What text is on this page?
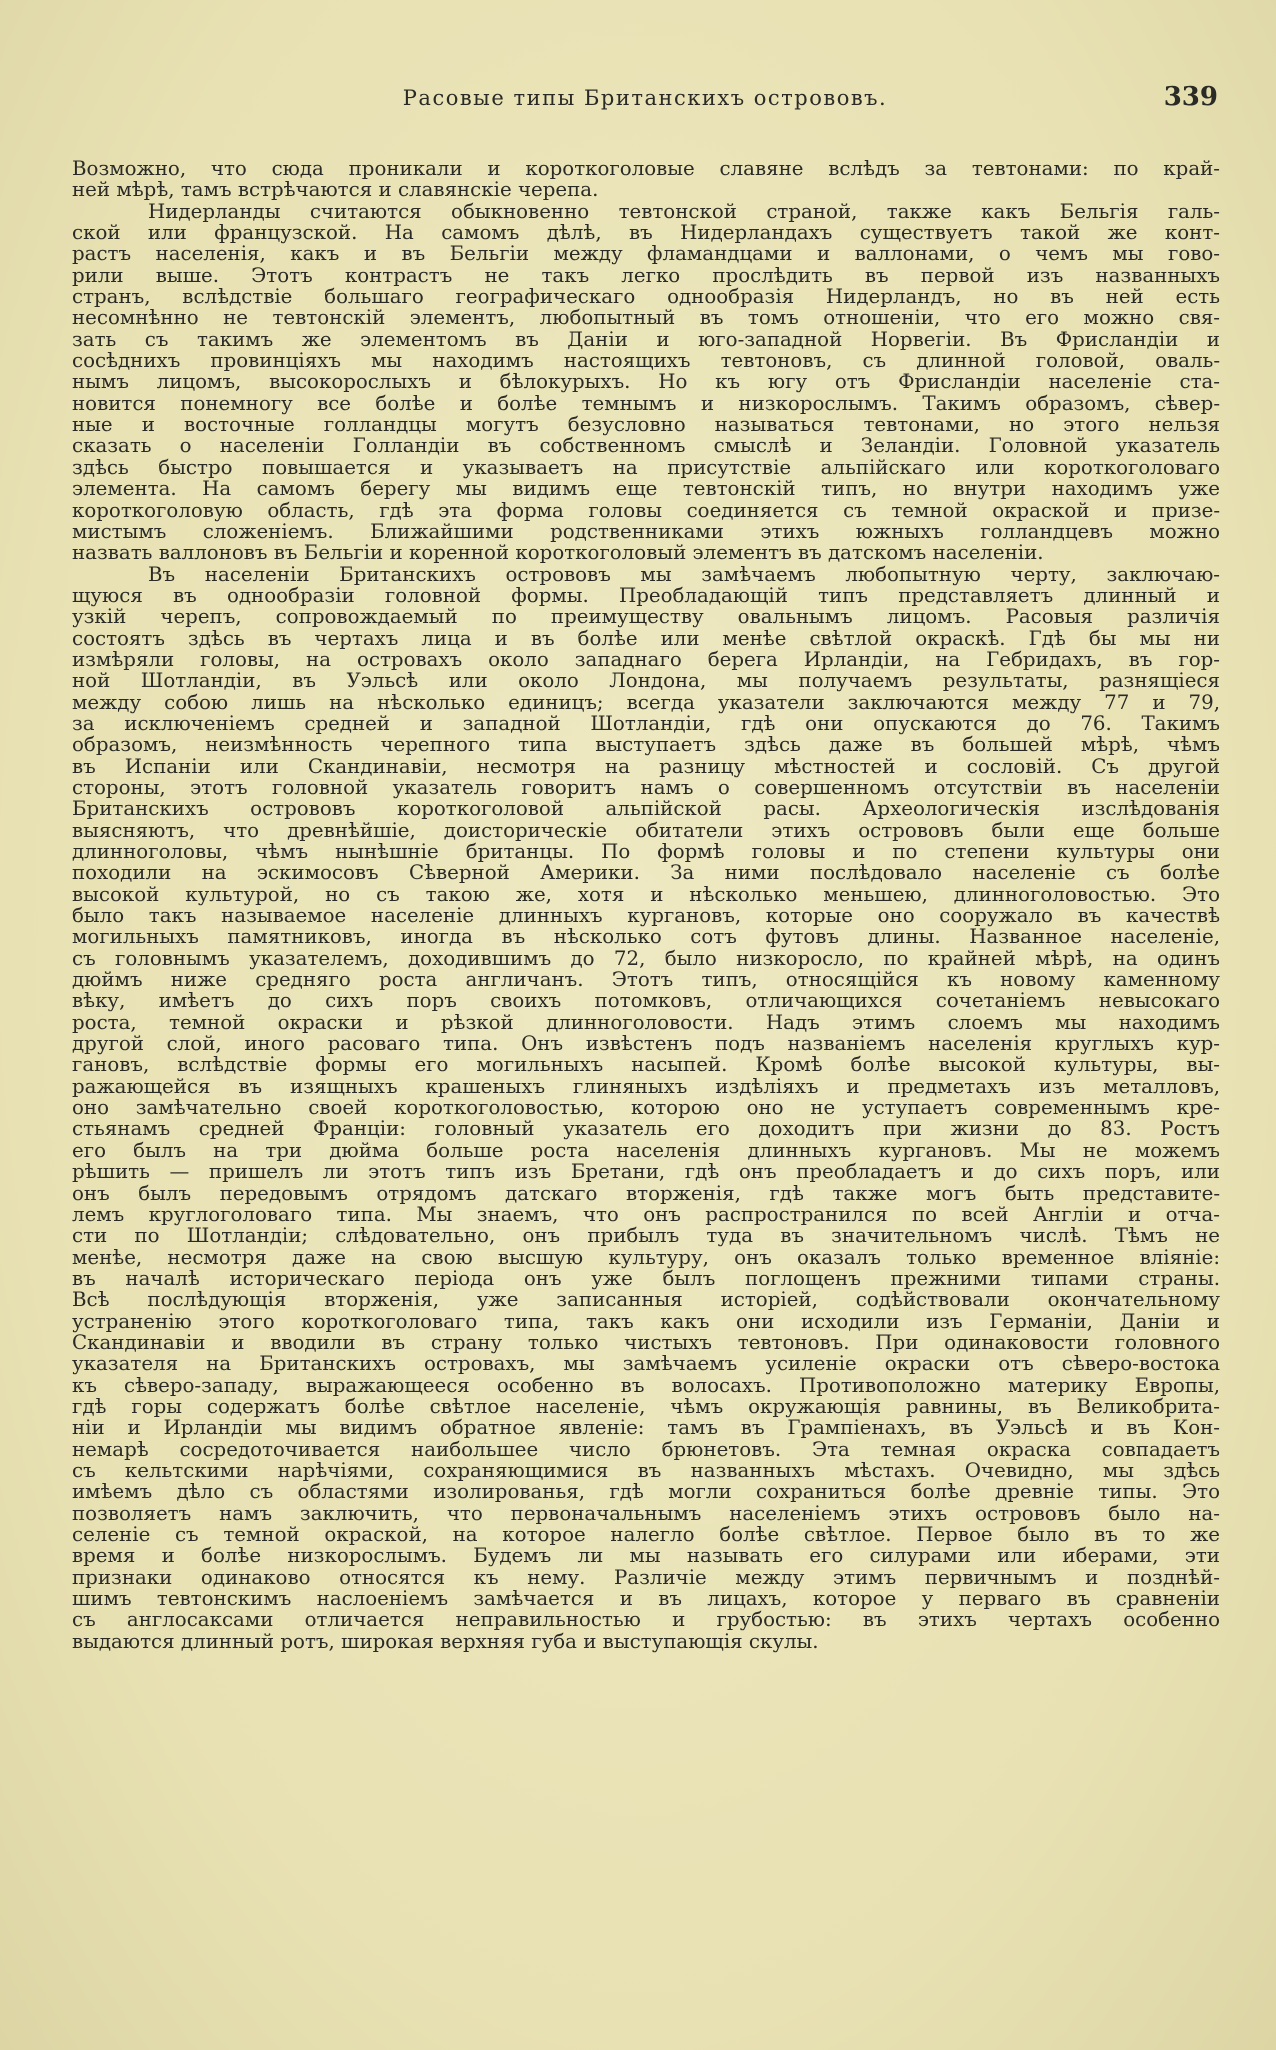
Расовые типы Британскихъ острововъ.	339
Возможно, что сюда проникали и короткоголовые славяне вслѣдъ за тевтонами: по край-
ней мѣрѣ, тамъ встрѣчаются и славянскіе черепа.
Нидерланды считаются обыкновенно тевтонской страной, также какъ Бельгія галь-
ской или французской. На самомъ дѣлѣ, въ Нидерландахъ существуетъ такой же конт-
растъ населенія, какъ и въ Бельгіи между фламандцами и валлонами, о чемъ мы гово-
рили выше. Этотъ контрастъ не такъ легко прослѣдить въ первой изъ названныхъ
странъ, вслѣдствіе большаго географическаго однообразія Нидерландъ, но въ ней есть
несомнѣнно не тевтонскій элементъ, любопытный въ томъ отношеніи, что его можно свя-
зать съ такимъ же элементомъ въ Даніи и юго-западной Норвегіи. Въ Фрисландіи и
сосѣднихъ провинціяхъ мы находимъ настоящихъ тевтоновъ, съ длинной головой, оваль-
нымъ лицомъ, высокорослыхъ и бѣлокурыхъ. Но къ югу отъ Фрисландіи населеніе ста-
новится понемногу все болѣе и болѣе темнымъ и низкорослымъ. Такимъ образомъ, сѣвер-
ные и восточные голландцы могутъ безусловно называться тевтонами, но этого нельзя
сказать о населеніи Голландіи въ собственномъ смыслѣ и Зеландіи. Головной указатель
здѣсь быстро повышается и указываетъ на присутствіе альпійскаго или короткоголоваго
элемента. На самомъ берегу мы видимъ еще тевтонскій типъ, но внутри находимъ уже
короткоголовую область, гдѣ эта форма головы соединяется съ темной окраской и призе-
мистымъ сложеніемъ. Ближайшими родственниками этихъ южныхъ голландцевъ можно
назвать валлоновъ въ Бельгіи и коренной короткоголовый элементъ въ датскомъ населеніи.
Въ населеніи Британскихъ острововъ мы замѣчаемъ любопытную черту, заключаю-
щуюся въ однообразіи головной формы. Преобладающій типъ представляетъ длинный и
узкій черепъ, сопровождаемый по преимуществу овальнымъ лицомъ. Расовыя различія
состоятъ здѣсь въ чертахъ лица и въ болѣе или менѣе свѣтлой окраскѣ. Гдѣ бы мы ни
измѣряли головы, на островахъ около западнаго берега Ирландіи, на Гебридахъ, въ гор-
ной Шотландіи, въ Уэльсѣ или около Лондона, мы получаемъ результаты, разнящіеся
между собою лишь на нѣсколько единицъ; всегда указатели заключаются между 77 и 79,
за исключеніемъ средней и западной Шотландіи, гдѣ они опускаются до 76. Такимъ
образомъ, неизмѣнность черепного типа выступаетъ здѣсь даже въ большей мѣрѣ, чѣмъ
въ Испаніи или Скандинавіи, несмотря на разницу мѣстностей и сословій. Съ другой
стороны, этотъ головной указатель говоритъ намъ о совершенномъ отсутствіи въ населеніи
Британскихъ острововъ короткоголовой альпійской расы. Археологическія изслѣдованія
выясняютъ, что древнѣйшіе, доисторическіе обитатели этихъ острововъ были еще больше
длинноголовы, чѣмъ нынѣшніе британцы. По формѣ головы и по степени культуры они
походили на эскимосовъ Сѣверной Америки. За ними послѣдовало населеніе съ болѣе
высокой культурой, но съ такою же, хотя и нѣсколько меньшею, длинноголовостью. Это
было такъ называемое населеніе длинныхъ кургановъ, которые оно сооружало въ качествѣ
могильныхъ памятниковъ, иногда въ нѣсколько сотъ футовъ длины. Названное населеніе,
съ головнымъ указателемъ, доходившимъ до 72, было низкорослο, по крайней мѣрѣ, на одинъ
дюймъ ниже средняго роста англичанъ. Этотъ типъ, относящійся къ новому каменному
вѣку, имѣетъ до сихъ поръ своихъ потомковъ, отличающихся сочетаніемъ невысокаго
роста, темной окраски и рѣзкой длинноголовости. Надъ этимъ слоемъ мы находимъ
другой слой, иного расоваго типа. Онъ извѣстенъ подъ названіемъ населенія круглыхъ кур-
гановъ, вслѣдствіе формы его могильныхъ насыпей. Кромѣ болѣе высокой культуры, вы-
ражающейся въ изящныхъ крашеныхъ глиняныхъ издѣліяхъ и предметахъ изъ металловъ,
оно замѣчательно своей короткоголовостью, которою оно не уступаетъ современнымъ кре-
стьянамъ средней Франціи: головный указатель его доходитъ при жизни до 83. Ростъ
его былъ на три дюйма больше роста населенія длинныхъ кургановъ. Мы не можемъ
рѣшить — пришелъ ли этотъ типъ изъ Бретани, гдѣ онъ преобладаетъ и до сихъ поръ, или
онъ былъ передовымъ отрядомъ датскаго вторженія, гдѣ также могъ быть представите-
лемъ круглоголоваго типа. Мы знаемъ, что онъ распространился по всей Англіи и отча-
сти по Шотландіи; слѣдовательно, онъ прибылъ туда въ значительномъ числѣ. Тѣмъ не
менѣе, несмотря даже на свою высшую культуру, онъ оказалъ только временное вліяніе:
въ началѣ историческаго періода онъ уже былъ поглощенъ прежними типами страны.
Всѣ послѣдующія вторженія, уже записанныя исторіей, содѣйствовали окончательному
устраненію этого короткоголоваго типа, такъ какъ они исходили изъ Германіи, Даніи и
Скандинавіи и вводили въ страну только чистыхъ тевтоновъ. При одинаковости головного
указателя на Британскихъ островахъ, мы замѣчаемъ усиленіе окраски отъ сѣверо-востока
къ сѣверо-западу, выражающееся особенно въ волосахъ. Противоположно материку Европы,
гдѣ горы содержатъ болѣе свѣтлое населеніе, чѣмъ окружающія равнины, въ Великобрита-
ніи и Ирландіи мы видимъ обратное явленіе: тамъ въ Грампіенахъ, въ Уэльсѣ и въ Кон-
немарѣ сосредоточивается наибольшее число брюнетовъ. Эта темная окраска совпадаетъ
съ кельтскими нарѣчіями, сохраняющимися въ названныхъ мѣстахъ. Очевидно, мы здѣсь
имѣемъ дѣло съ областями изолированья, гдѣ могли сохраниться болѣе древніе типы. Это
позволяетъ намъ заключить, что первоначальнымъ населеніемъ этихъ острововъ было на-
селеніе съ темной окраской, на которое налегло болѣе свѣтлое. Первое было въ то же
время и болѣе низкорослымъ. Будемъ ли мы называть его силурами или иберами, эти
признаки одинаково относятся къ нему. Различіе между этимъ первичнымъ и позднѣй-
шимъ тевтонскимъ наслоеніемъ замѣчается и въ лицахъ, которое у перваго въ сравненіи
съ англосаксами отличается неправильностью и грубостью: въ этихъ чертахъ особенно
выдаются длинный ротъ, широкая верхняя губа и выступающія скулы.
